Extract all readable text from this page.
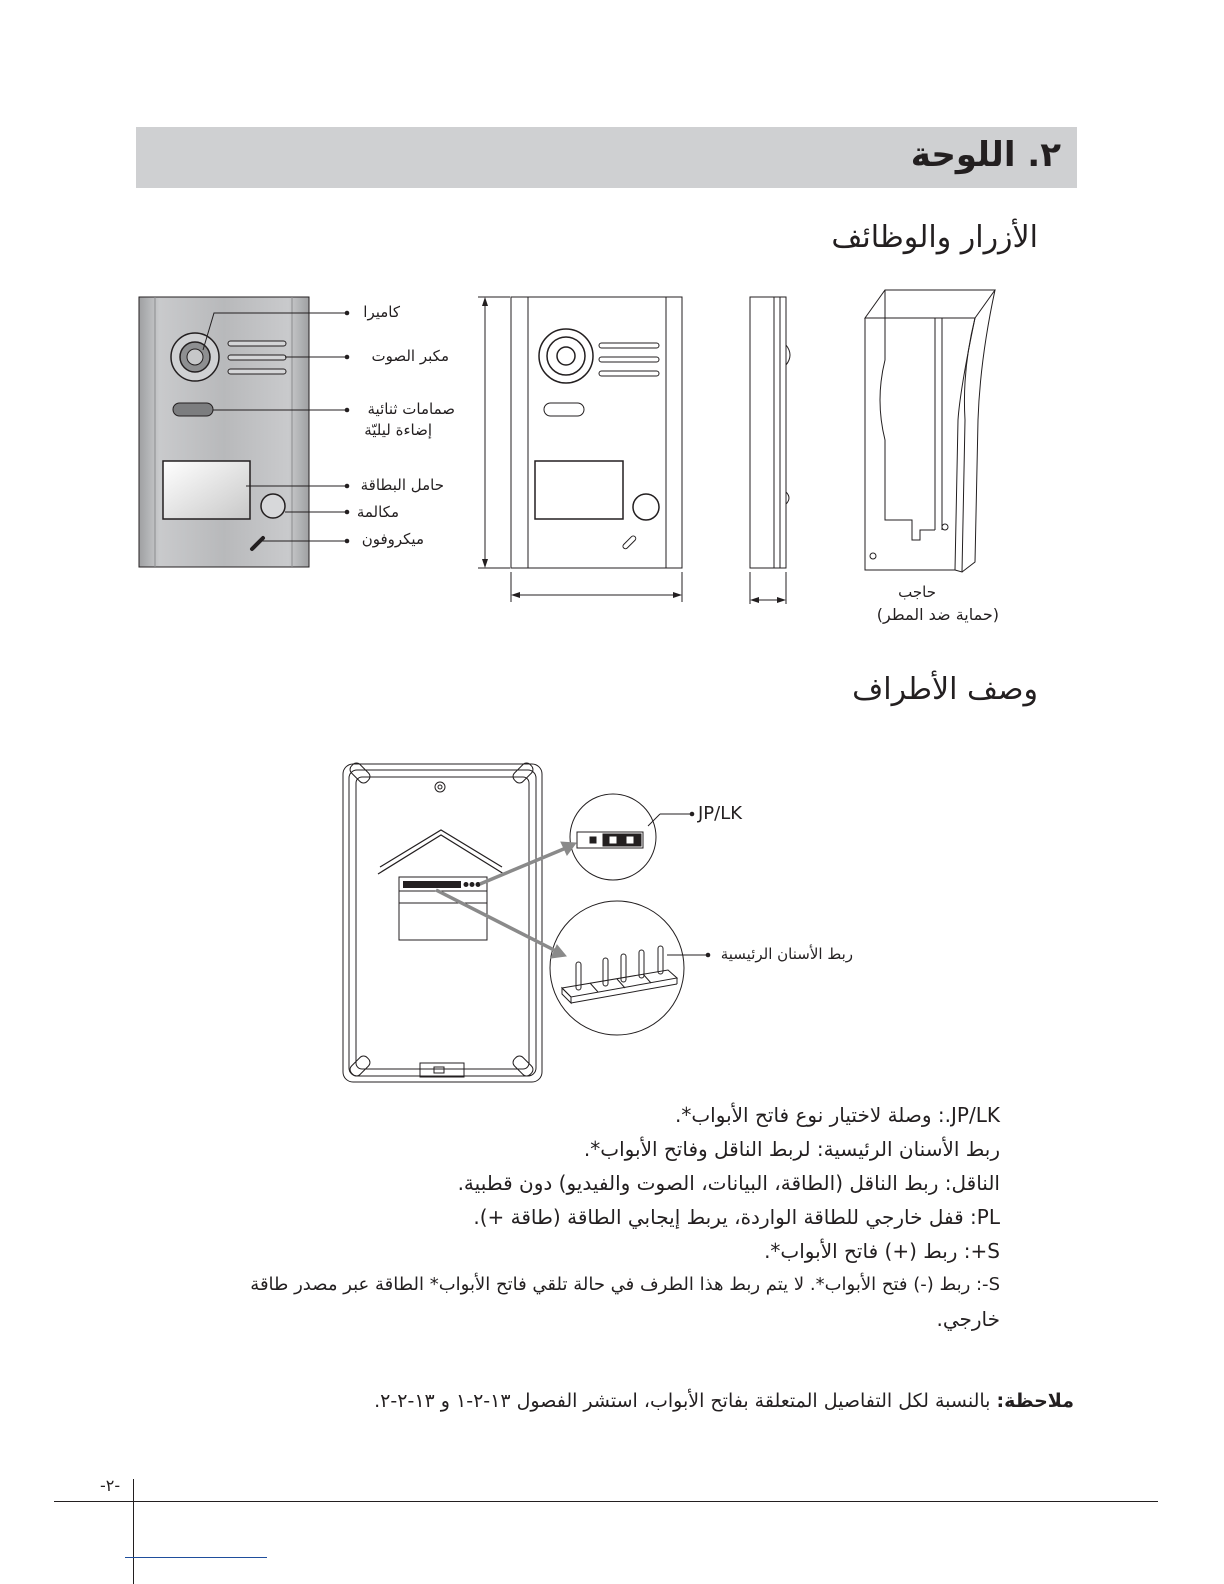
٢. اللوحة
الأزرار والوظائف
كاميرا
مكبر الصوت
صمامات ثنائية
إضاءة ليليّة
حامل البطاقة
مكالمة
ميكروفون
حاجب
(حماية ضد المطر)
وصف الأطراف
JP/LK
ربط الأسنان الرئيسية
JP/LK.: وصلة لاختيار نوع فاتح الأبواب*.
ربط الأسنان الرئيسية: لربط الناقل وفاتح الأبواب*.
الناقل: ربط الناقل (الطاقة، البيانات، الصوت والفيديو) دون قطبية.
PL: قفل خارجي للطاقة الواردة، يربط إيجابي الطاقة (طاقة +).
S+: ربط (+) فاتح الأبواب*.
S-: ربط (-) فتح الأبواب*. لا يتم ربط هذا الطرف في حالة تلقي فاتح الأبواب* الطاقة عبر مصدر طاقة
خارجي.
ملاحظة: بالنسبة لكل التفاصيل المتعلقة بفاتح الأبواب، استشر الفصول ١٣-٢-١ و ١٣-٢-٢.
-٢-
